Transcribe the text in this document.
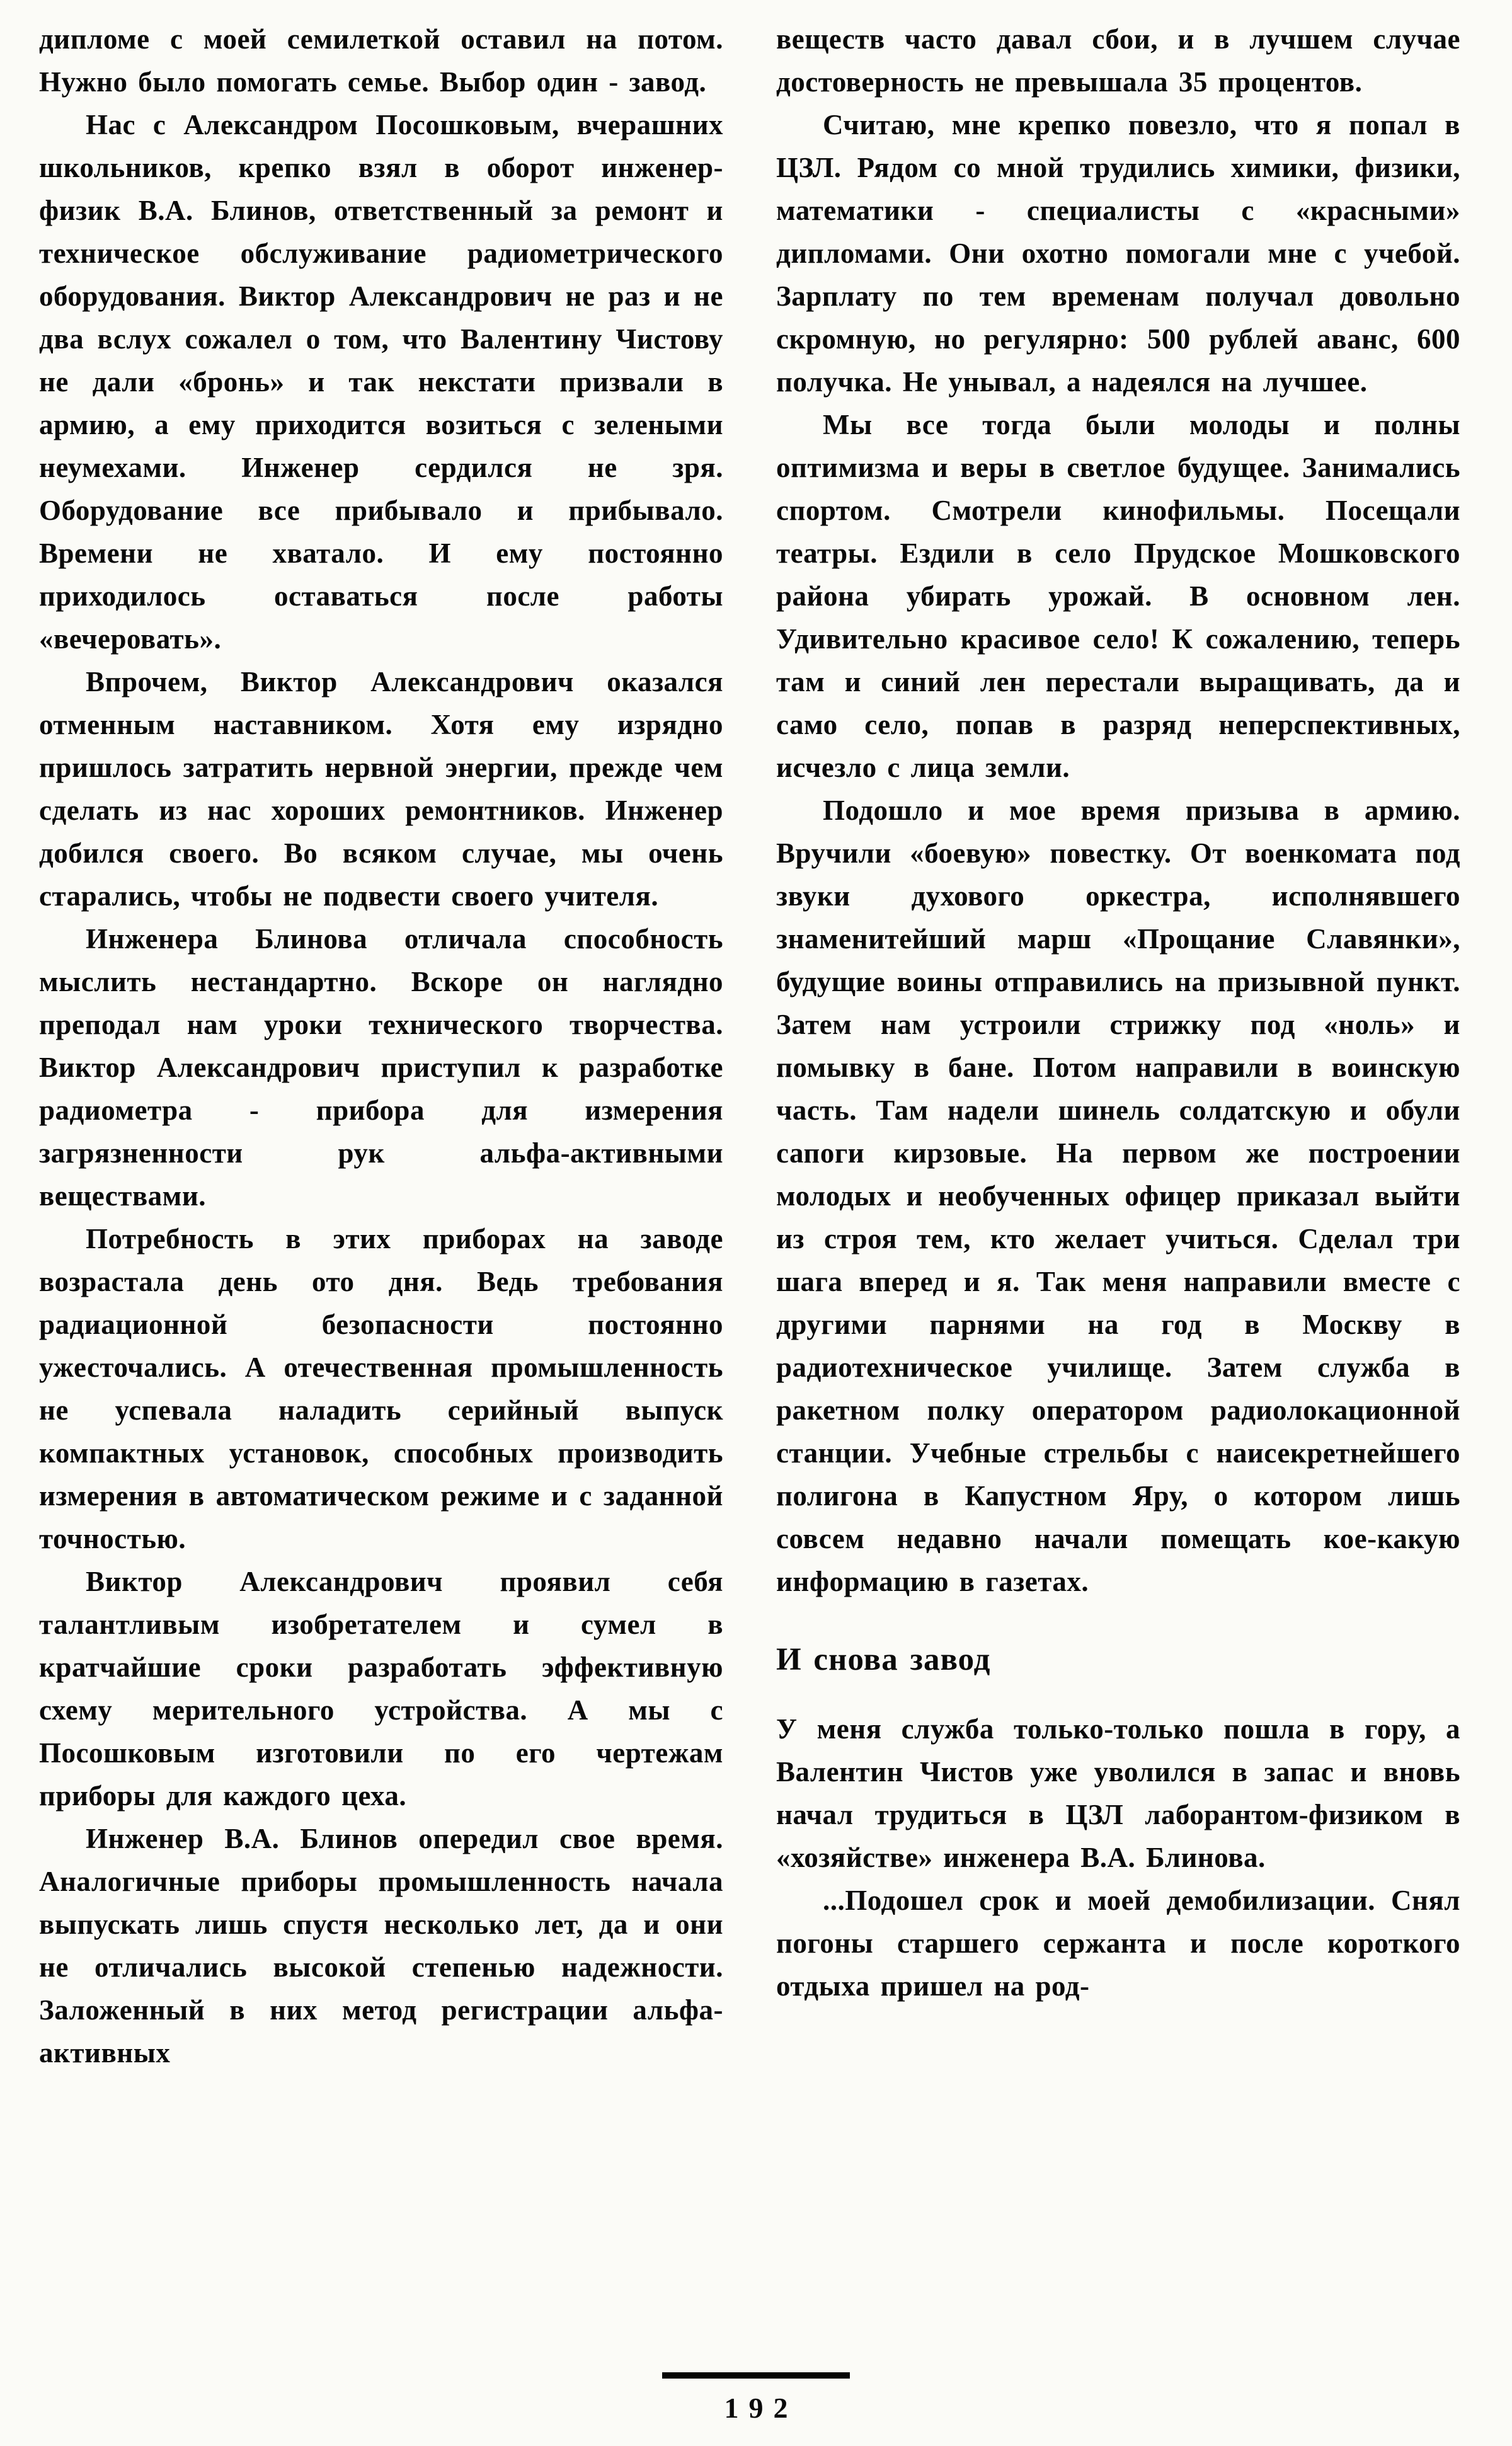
дипломе с моей семилеткой оставил на потом. Нужно было помогать семье. Выбор один - завод.

Нас с Александром Посошковым, вчерашних школьников, крепко взял в оборот инженер-физик В.А. Блинов, ответственный за ремонт и техническое обслуживание радиометрического оборудования. Виктор Александрович не раз и не два вслух сожалел о том, что Валентину Чистову не дали «бронь» и так некстати призвали в армию, а ему приходится возиться с зелеными неумехами. Инженер сердился не зря. Оборудование все прибывало и прибывало. Времени не хватало. И ему постоянно приходилось оставаться после работы «вечеровать».

Впрочем, Виктор Александрович оказался отменным наставником. Хотя ему изрядно пришлось затратить нервной энергии, прежде чем сделать из нас хороших ремонтников. Инженер добился своего. Во всяком случае, мы очень старались, чтобы не подвести своего учителя.

Инженера Блинова отличала способность мыслить нестандартно. Вскоре он наглядно преподал нам уроки технического творчества. Виктор Александрович приступил к разработке радиометра - прибора для измерения загрязненности рук альфа-активными веществами.

Потребность в этих приборах на заводе возрастала день ото дня. Ведь требования радиационной безопасности постоянно ужесточались. А отечественная промышленность не успевала наладить серийный выпуск компактных установок, способных производить измерения в автоматическом режиме и с заданной точностью.

Виктор Александрович проявил себя талантливым изобретателем и сумел в кратчайшие сроки разработать эффективную схему мерительного устройства. А мы с Посошковым изготовили по его чертежам приборы для каждого цеха.

Инженер В.А. Блинов опередил свое время. Аналогичные приборы промышленность начала выпускать лишь спустя несколько лет, да и они не отличались высокой степенью надежности. Заложенный в них метод регистрации альфа-активных

веществ часто давал сбои, и в лучшем случае достоверность не превышала 35 процентов.

Считаю, мне крепко повезло, что я попал в ЦЗЛ. Рядом со мной трудились химики, физики, математики - специалисты с «красными» дипломами. Они охотно помогали мне с учебой. Зарплату по тем временам получал довольно скромную, но регулярно: 500 рублей аванс, 600 получка. Не унывал, а надеялся на лучшее.

Мы все тогда были молоды и полны оптимизма и веры в светлое будущее. Занимались спортом. Смотрели кинофильмы. Посещали театры. Ездили в село Прудское Мошковского района убирать урожай. В основном лен. Удивительно красивое село! К сожалению, теперь там и синий лен перестали выращивать, да и само село, попав в разряд неперспективных, исчезло с лица земли.

Подошло и мое время призыва в армию. Вручили «боевую» повестку. От военкомата под звуки духового оркестра, исполнявшего знаменитейший марш «Прощание Славянки», будущие воины отправились на призывной пункт. Затем нам устроили стрижку под «ноль» и помывку в бане. Потом направили в воинскую часть. Там надели шинель солдатскую и обули сапоги кирзовые. На первом же построении молодых и необученных офицер приказал выйти из строя тем, кто желает учиться. Сделал три шага вперед и я. Так меня направили вместе с другими парнями на год в Москву в радиотехническое училище. Затем служба в ракетном полку оператором радиолокационной станции. Учебные стрельбы с наисекретнейшего полигона в Капустном Яру, о котором лишь совсем недавно начали помещать кое-какую информацию в газетах.

И снова завод

У меня служба только-только пошла в гору, а Валентин Чистов уже уволился в запас и вновь начал трудиться в ЦЗЛ лаборантом-физиком в «хозяйстве» инженера В.А. Блинова.

...Подошел срок и моей демобилизации. Снял погоны старшего сержанта и после короткого отдыха пришел на род-

192
